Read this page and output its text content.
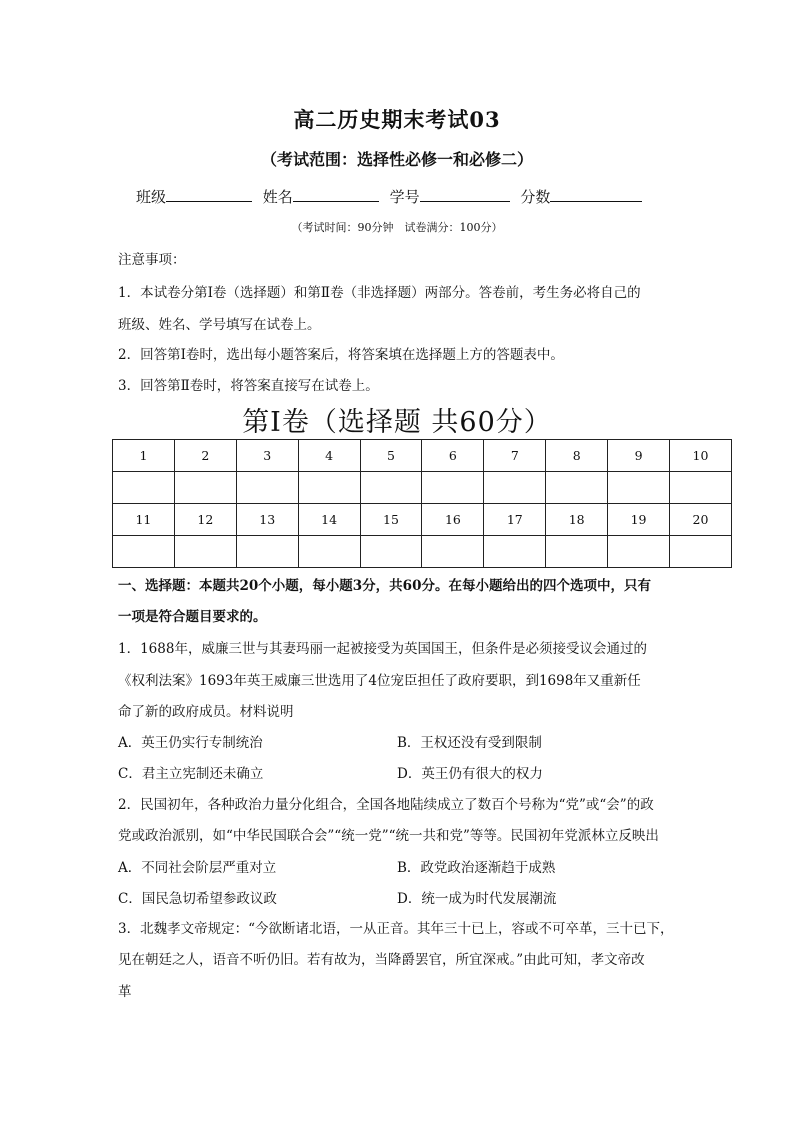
高二历史期末考试03
（考试范围：选择性必修一和必修二）
班级	姓名	学号	分数
（考试时间：90分钟　试卷满分：100分）
注意事项：
1．本试卷分第Ⅰ卷（选择题）和第Ⅱ卷（非选择题）两部分。答卷前，考生务必将自己的
班级、姓名、学号填写在试卷上。
2．回答第Ⅰ卷时，选出每小题答案后，将答案填在选择题上方的答题表中。
3．回答第Ⅱ卷时，将答案直接写在试卷上。
第Ⅰ卷（选择题 共60分）
1	2	3	4	5	6	7	8	9	10

11	12	13	14	15	16	17	18	19	20

一、选择题：本题共20个小题，每小题3分，共60分。在每小题给出的四个选项中，只有
一项是符合题目要求的。
1．1688年，威廉三世与其妻玛丽一起被接受为英国国王，但条件是必须接受议会通过的
《权利法案》1693年英王威廉三世选用了4位宠臣担任了政府要职，到1698年又重新任
命了新的政府成员。材料说明
A．英王仍实行专制统治	B．王权还没有受到限制
C．君主立宪制还未确立	D．英王仍有很大的权力
2．民国初年，各种政治力量分化组合，全国各地陆续成立了数百个号称为“党”或“会”的政
党或政治派别，如“中华民国联合会”“统一党”“统一共和党”等等。民国初年党派林立反映出
A．不同社会阶层严重对立	B．政党政治逐渐趋于成熟
C．国民急切希望参政议政	D．统一成为时代发展潮流
3．北魏孝文帝规定：“今欲断诸北语，一从正音。其年三十已上，容或不可卒革，三十已下，
见在朝廷之人，语音不听仍旧。若有故为，当降爵罢官，所宜深戒。”由此可知，孝文帝改
革
